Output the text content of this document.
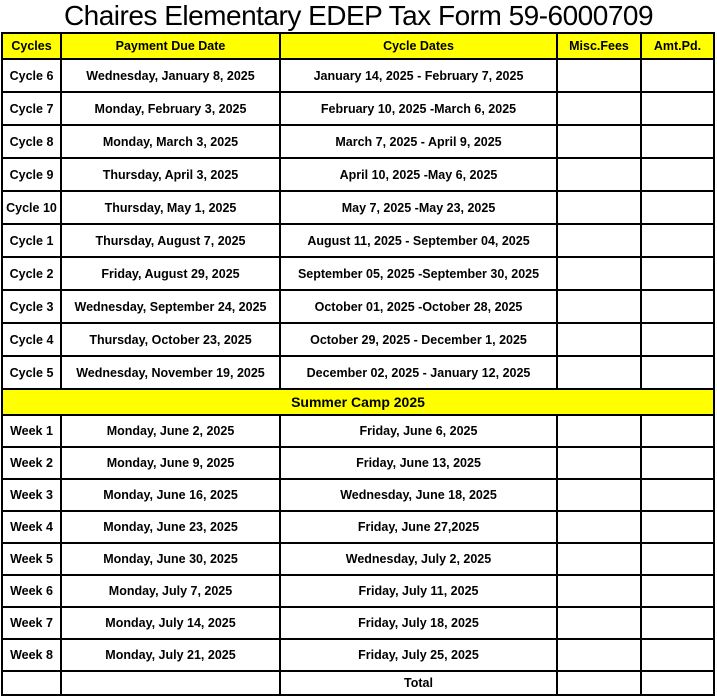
Chaires Elementary EDEP Tax Form 59-6000709
Cycles	Payment Due Date	Cycle Dates	Misc.Fees	Amt.Pd.
Cycle 6	Wednesday, January 8, 2025	January 14, 2025 - February 7, 2025		
Cycle 7	Monday, February 3, 2025	February 10, 2025 -March 6, 2025		
Cycle 8	Monday, March 3, 2025	March 7, 2025 - April 9, 2025		
Cycle 9	Thursday, April 3, 2025	April 10, 2025 -May 6, 2025		
Cycle 10	Thursday, May 1, 2025	May 7, 2025 -May 23, 2025		
Cycle 1	Thursday, August 7, 2025	August 11, 2025 - September 04, 2025		
Cycle 2	Friday, August 29, 2025	September 05, 2025 -September 30, 2025		
Cycle 3	Wednesday, September 24, 2025	October 01, 2025 -October 28, 2025		
Cycle 4	Thursday, October 23, 2025	October 29, 2025 - December 1, 2025		
Cycle 5	Wednesday, November 19, 2025	December 02, 2025 - January 12, 2025		
Summer Camp 2025				
Week 1	Monday, June 2, 2025	Friday, June 6, 2025		
Week 2	Monday, June 9, 2025	Friday, June 13, 2025		
Week 3	Monday, June 16, 2025	Wednesday, June 18, 2025		
Week 4	Monday, June 23, 2025	Friday, June 27,2025		
Week 5	Monday, June 30, 2025	Wednesday, July 2, 2025		
Week 6	Monday, July 7, 2025	Friday, July 11, 2025		
Week 7	Monday, July 14, 2025	Friday, July 18, 2025		
Week 8	Monday, July 21, 2025	Friday, July 25, 2025		
		Total		
